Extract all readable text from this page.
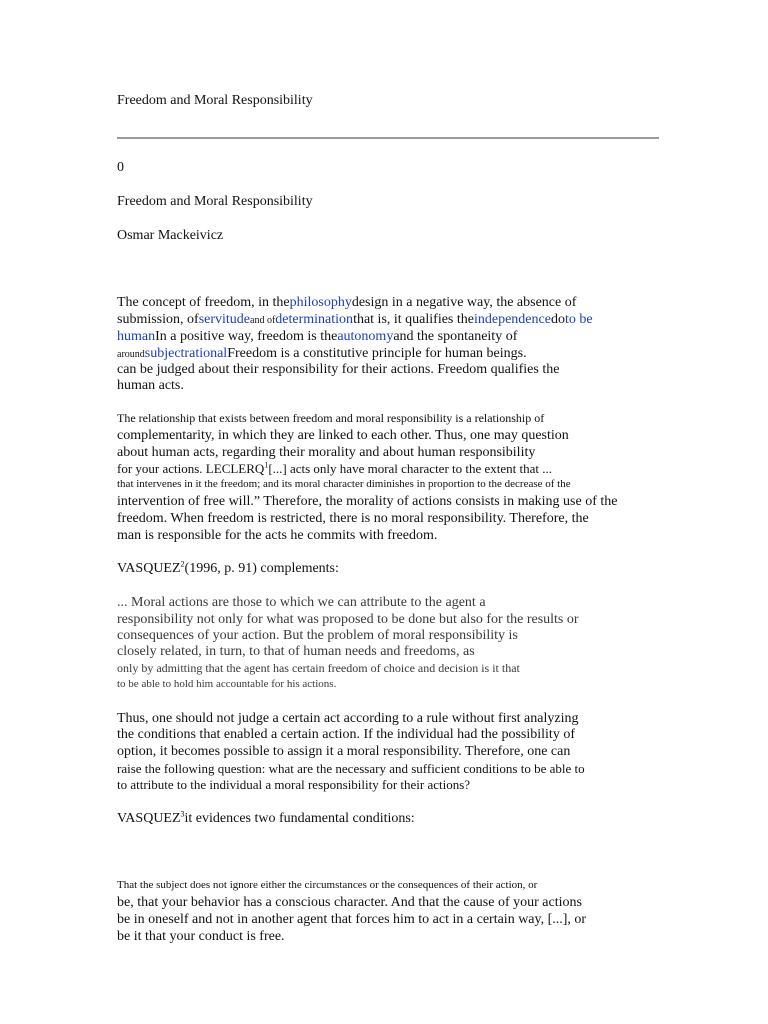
Freedom and Moral Responsibility

0

Freedom and Moral Responsibility

Osmar Mackeivicz

The concept of freedom, in thephilosophydesign in a negative way, the absence of

submission, ofservitudeand ofdeterminationthat is, it qualifies theindependencedoto be

humanIn a positive way, freedom is theautonomyand the spontaneity of

aroundsubjectrationalFreedom is a constitutive principle for human beings.

can be judged about their responsibility for their actions. Freedom qualifies the

human acts.

The relationship that exists between freedom and moral responsibility is a relationship of

complementarity, in which they are linked to each other. Thus, one may question

about human acts, regarding their morality and about human responsibility

for your actions. LECLERQ$^1$[...] acts only have moral character to the extent that ...

that intervenes in it the freedom; and its moral character diminishes in proportion to the decrease of the

intervention of free will.” Therefore, the morality of actions consists in making use of the

freedom. When freedom is restricted, there is no moral responsibility. Therefore, the

man is responsible for the acts he commits with freedom.

VASQUEZ$^2$(1996, p. 91) complements:

... Moral actions are those to which we can attribute to the agent a

responsibility not only for what was proposed to be done but also for the results or

consequences of your action. But the problem of moral responsibility is

closely related, in turn, to that of human needs and freedoms, as

only by admitting that the agent has certain freedom of choice and decision is it that

to be able to hold him accountable for his actions.

Thus, one should not judge a certain act according to a rule without first analyzing

the conditions that enabled a certain action. If the individual had the possibility of

option, it becomes possible to assign it a moral responsibility. Therefore, one can

raise the following question: what are the necessary and sufficient conditions to be able to

to attribute to the individual a moral responsibility for their actions?

VASQUEZ$^3$it evidences two fundamental conditions:

That the subject does not ignore either the circumstances or the consequences of their action, or

be, that your behavior has a conscious character. And that the cause of your actions

be in oneself and not in another agent that forces him to act in a certain way, [...], or

be it that your conduct is free.
